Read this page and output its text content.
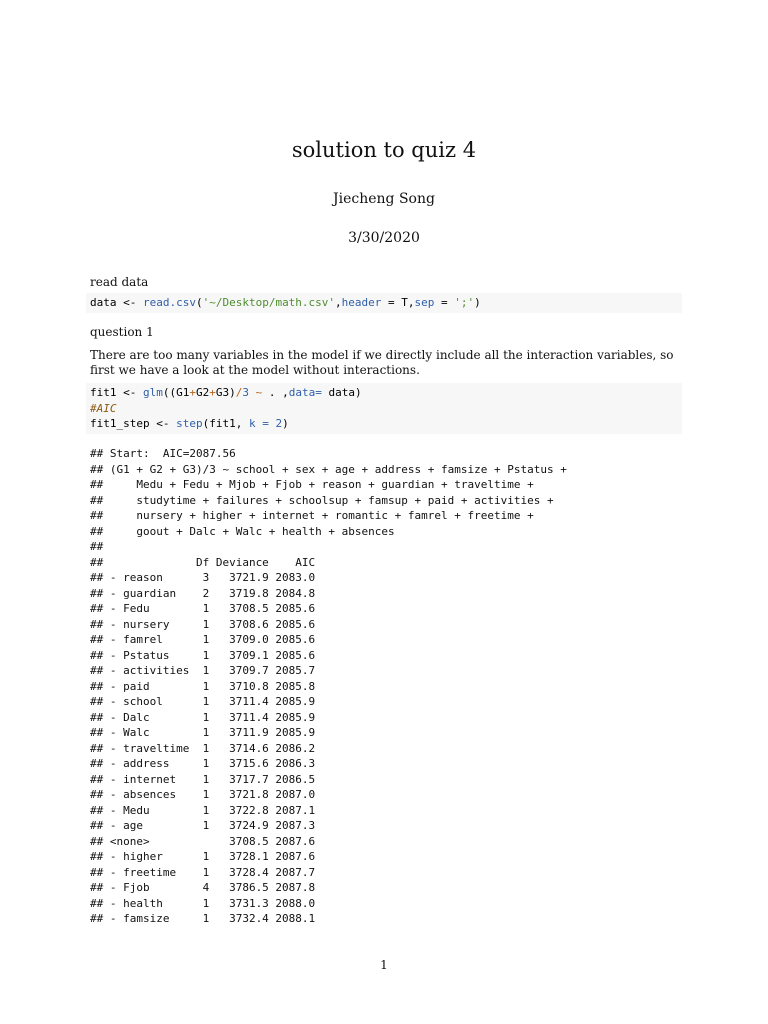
solution to quiz 4
Jiecheng Song
3/30/2020
read data
data <- read.csv('~/Desktop/math.csv',header = T,sep = ';')
question 1
There are too many variables in the model if we directly include all the interaction variables, so first we have a look at the model without interactions.
fit1 <- glm((G1+G2+G3)/3 ~ . ,data= data)
#AIC
fit1_step <- step(fit1, k = 2)
## Start:  AIC=2087.56
## (G1 + G2 + G3)/3 ~ school + sex + age + address + famsize + Pstatus +
##     Medu + Fedu + Mjob + Fjob + reason + guardian + traveltime +
##     studytime + failures + schoolsup + famsup + paid + activities +
##     nursery + higher + internet + romantic + famrel + freetime +
##     goout + Dalc + Walc + health + absences
##
##              Df Deviance    AIC
## - reason      3   3721.9 2083.0
## - guardian    2   3719.8 2084.8
## - Fedu        1   3708.5 2085.6
## - nursery     1   3708.6 2085.6
## - famrel      1   3709.0 2085.6
## - Pstatus     1   3709.1 2085.6
## - activities  1   3709.7 2085.7
## - paid        1   3710.8 2085.8
## - school      1   3711.4 2085.9
## - Dalc        1   3711.4 2085.9
## - Walc        1   3711.9 2085.9
## - traveltime  1   3714.6 2086.2
## - address     1   3715.6 2086.3
## - internet    1   3717.7 2086.5
## - absences    1   3721.8 2087.0
## - Medu        1   3722.8 2087.1
## - age         1   3724.9 2087.3
## <none>            3708.5 2087.6
## - higher      1   3728.1 2087.6
## - freetime    1   3728.4 2087.7
## - Fjob        4   3786.5 2087.8
## - health      1   3731.3 2088.0
## - famsize     1   3732.4 2088.1
1
